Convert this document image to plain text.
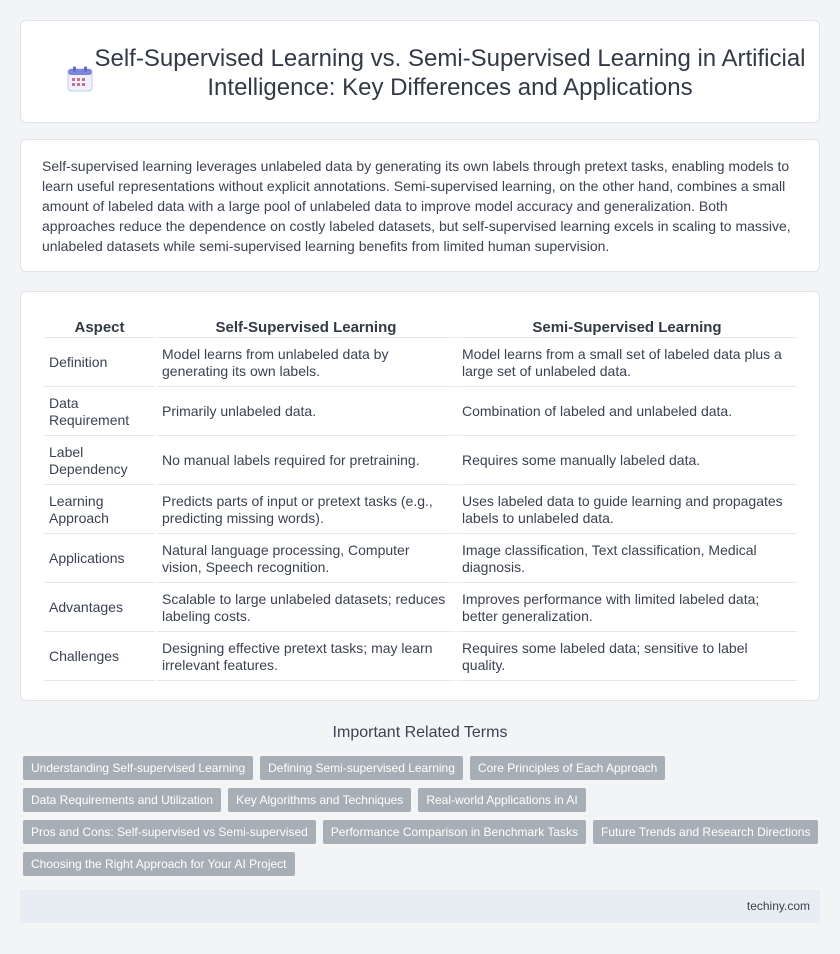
Self-Supervised Learning vs. Semi-Supervised Learning in Artificial Intelligence: Key Differences and Applications

Self-supervised learning leverages unlabeled data by generating its own labels through pretext tasks, enabling models to learn useful representations without explicit annotations. Semi-supervised learning, on the other hand, combines a small amount of labeled data with a large pool of unlabeled data to improve model accuracy and generalization. Both approaches reduce the dependence on costly labeled datasets, but self-supervised learning excels in scaling to massive, unlabeled datasets while semi-supervised learning benefits from limited human supervision.

Aspect	Self-Supervised Learning	Semi-Supervised Learning
Definition	Model learns from unlabeled data by generating its own labels.	Model learns from a small set of labeled data plus a large set of unlabeled data.
Data Requirement	Primarily unlabeled data.	Combination of labeled and unlabeled data.
Label Dependency	No manual labels required for pretraining.	Requires some manually labeled data.
Learning Approach	Predicts parts of input or pretext tasks (e.g., predicting missing words).	Uses labeled data to guide learning and propagates labels to unlabeled data.
Applications	Natural language processing, Computer vision, Speech recognition.	Image classification, Text classification, Medical diagnosis.
Advantages	Scalable to large unlabeled datasets; reduces labeling costs.	Improves performance with limited labeled data; better generalization.
Challenges	Designing effective pretext tasks; may learn irrelevant features.	Requires some labeled data; sensitive to label quality.
Important Related Terms
Understanding Self-supervised Learning	Defining Semi-supervised Learning	Core Principles of Each Approach
Data Requirements and Utilization	Key Algorithms and Techniques	Real-world Applications in AI
Pros and Cons: Self-supervised vs Semi-supervised	Performance Comparison in Benchmark Tasks	Future Trends and Research Directions
Choosing the Right Approach for Your AI Project
techiny.com
